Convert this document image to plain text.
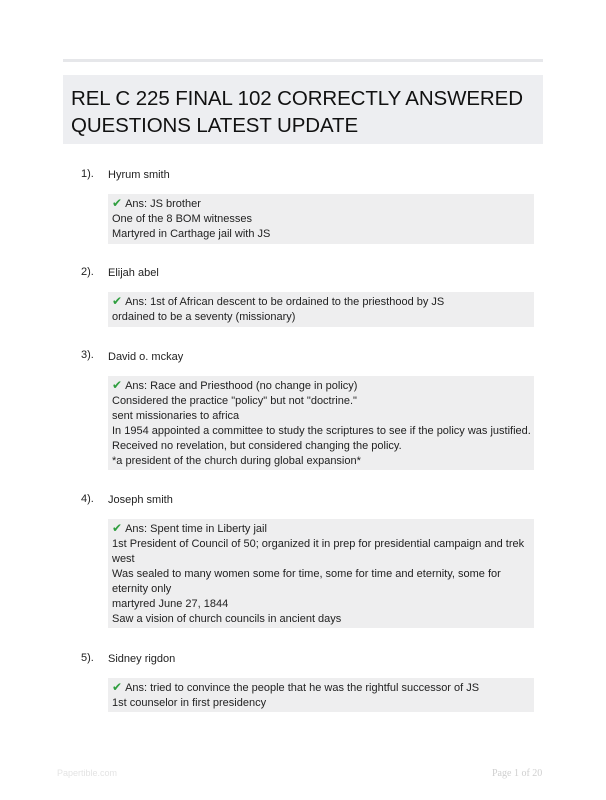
REL C 225 FINAL 102 CORRECTLY ANSWERED
QUESTIONS LATEST UPDATE
1). Hyrum smith
✔ Ans: JS brother
One of the 8 BOM witnesses
Martyred in Carthage jail with JS
2). Elijah abel
✔ Ans: 1st of African descent to be ordained to the priesthood by JS
ordained to be a seventy (missionary)
3). David o. mckay
✔ Ans: Race and Priesthood (no change in policy)
Considered the practice "policy" but not "doctrine."
sent missionaries to africa
In 1954 appointed a committee to study the scriptures to see if the policy was justified.
Received no revelation, but considered changing the policy.
*a president of the church during global expansion*
4). Joseph smith
✔ Ans: Spent time in Liberty jail
1st President of Council of 50; organized it in prep for presidential campaign and trek west
Was sealed to many women some for time, some for time and eternity, some for eternity only
martyred June 27, 1844
Saw a vision of church councils in ancient days
5). Sidney rigdon
✔ Ans: tried to convince the people that he was the rightful successor of JS
1st counselor in first presidency
Papertible.com	Page 1 of 20
